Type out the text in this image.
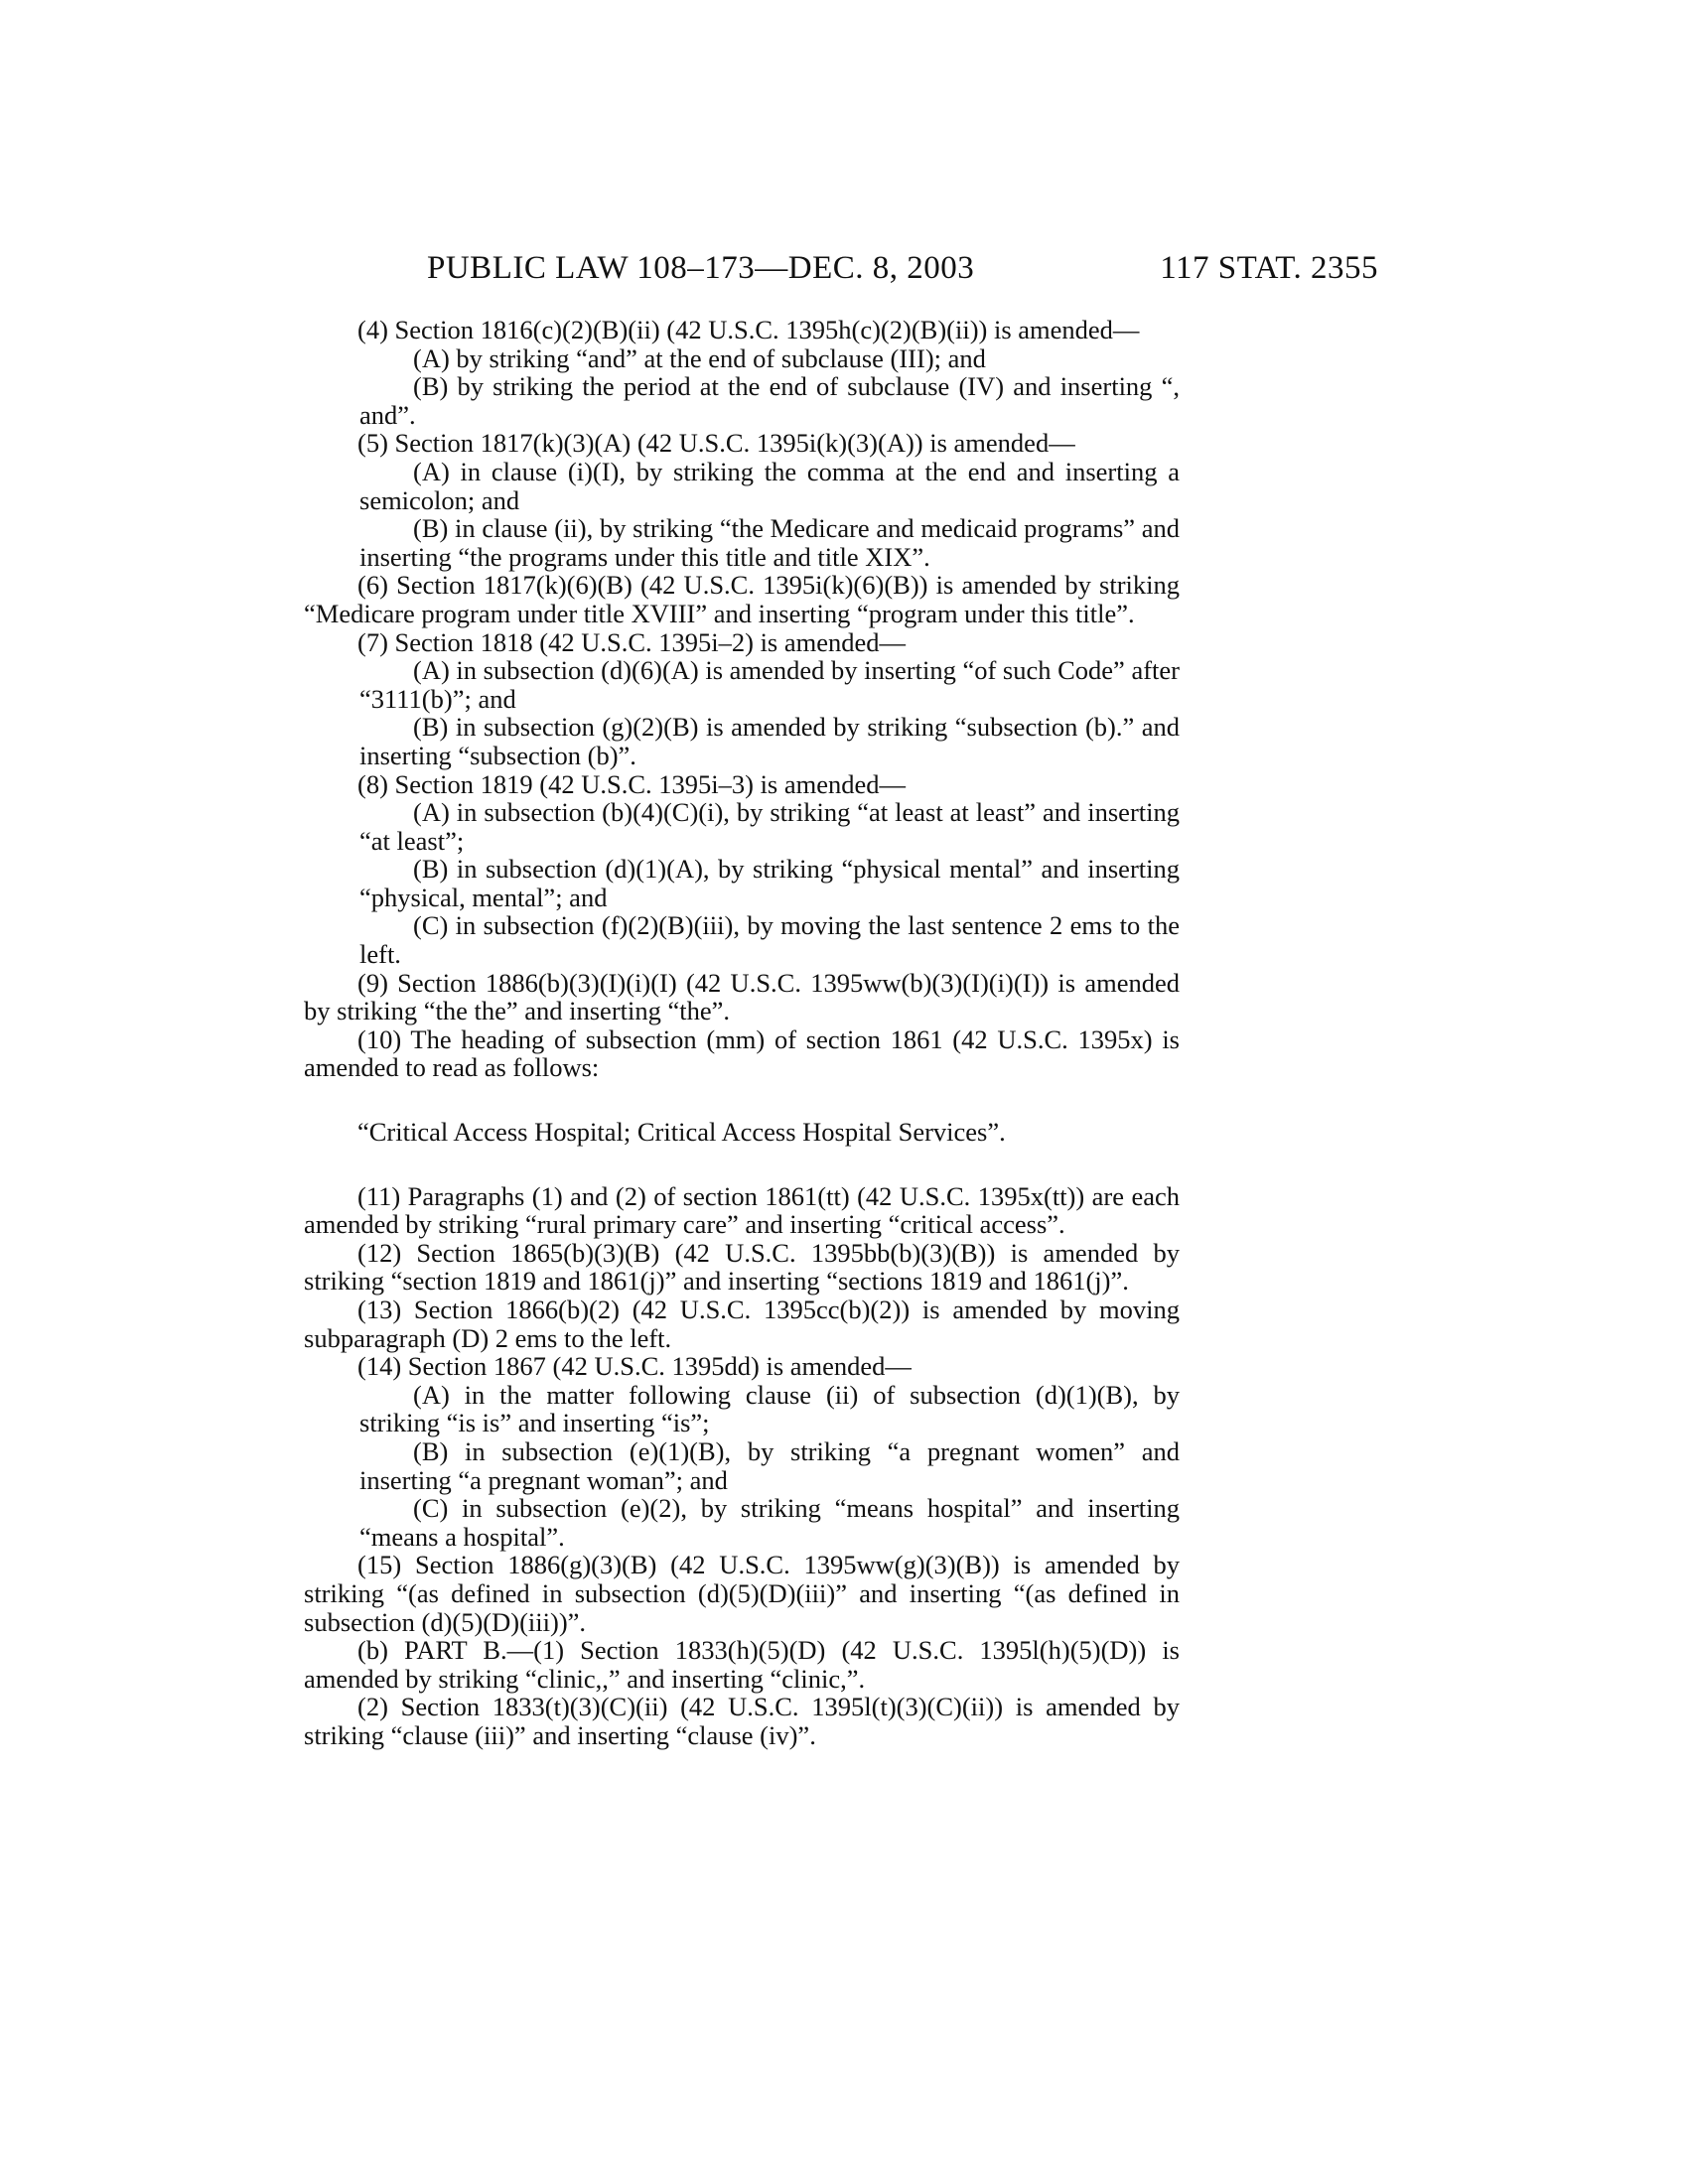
PUBLIC LAW 108–173—DEC. 8, 2003	117 STAT. 2355

(4) Section 1816(c)(2)(B)(ii) (42 U.S.C. 1395h(c)(2)(B)(ii)) is amended—

(A) by striking “and” at the end of subclause (III); and

(B) by striking the period at the end of subclause (IV) and inserting “, and”.

(5) Section 1817(k)(3)(A) (42 U.S.C. 1395i(k)(3)(A)) is amended—

(A) in clause (i)(I), by striking the comma at the end and inserting a semicolon; and

(B) in clause (ii), by striking “the Medicare and medicaid programs” and inserting “the programs under this title and title XIX”.

(6) Section 1817(k)(6)(B) (42 U.S.C. 1395i(k)(6)(B)) is amended by striking “Medicare program under title XVIII” and inserting “program under this title”.

(7) Section 1818 (42 U.S.C. 1395i–2) is amended—

(A) in subsection (d)(6)(A) is amended by inserting “of such Code” after “3111(b)”; and

(B) in subsection (g)(2)(B) is amended by striking “subsection (b).” and inserting “subsection (b)”.

(8) Section 1819 (42 U.S.C. 1395i–3) is amended—

(A) in subsection (b)(4)(C)(i), by striking “at least at least” and inserting “at least”;

(B) in subsection (d)(1)(A), by striking “physical mental” and inserting “physical, mental”; and

(C) in subsection (f)(2)(B)(iii), by moving the last sentence 2 ems to the left.

(9) Section 1886(b)(3)(I)(i)(I) (42 U.S.C. 1395ww(b)(3)(I)(i)(I)) is amended by striking “the the” and inserting “the”.

(10) The heading of subsection (mm) of section 1861 (42 U.S.C. 1395x) is amended to read as follows:

“Critical Access Hospital; Critical Access Hospital Services”.

(11) Paragraphs (1) and (2) of section 1861(tt) (42 U.S.C. 1395x(tt)) are each amended by striking “rural primary care” and inserting “critical access”.

(12) Section 1865(b)(3)(B) (42 U.S.C. 1395bb(b)(3)(B)) is amended by striking “section 1819 and 1861(j)” and inserting “sections 1819 and 1861(j)”.

(13) Section 1866(b)(2) (42 U.S.C. 1395cc(b)(2)) is amended by moving subparagraph (D) 2 ems to the left.

(14) Section 1867 (42 U.S.C. 1395dd) is amended—

(A) in the matter following clause (ii) of subsection (d)(1)(B), by striking “is is” and inserting “is”;

(B) in subsection (e)(1)(B), by striking “a pregnant women” and inserting “a pregnant woman”; and

(C) in subsection (e)(2), by striking “means hospital” and inserting “means a hospital”.

(15) Section 1886(g)(3)(B) (42 U.S.C. 1395ww(g)(3)(B)) is amended by striking “(as defined in subsection (d)(5)(D)(iii)” and inserting “(as defined in subsection (d)(5)(D)(iii))”.

(b) PART B.—(1) Section 1833(h)(5)(D) (42 U.S.C. 1395l(h)(5)(D)) is amended by striking “clinic,,” and inserting “clinic,”.

(2) Section 1833(t)(3)(C)(ii) (42 U.S.C. 1395l(t)(3)(C)(ii)) is amended by striking “clause (iii)” and inserting “clause (iv)”.
